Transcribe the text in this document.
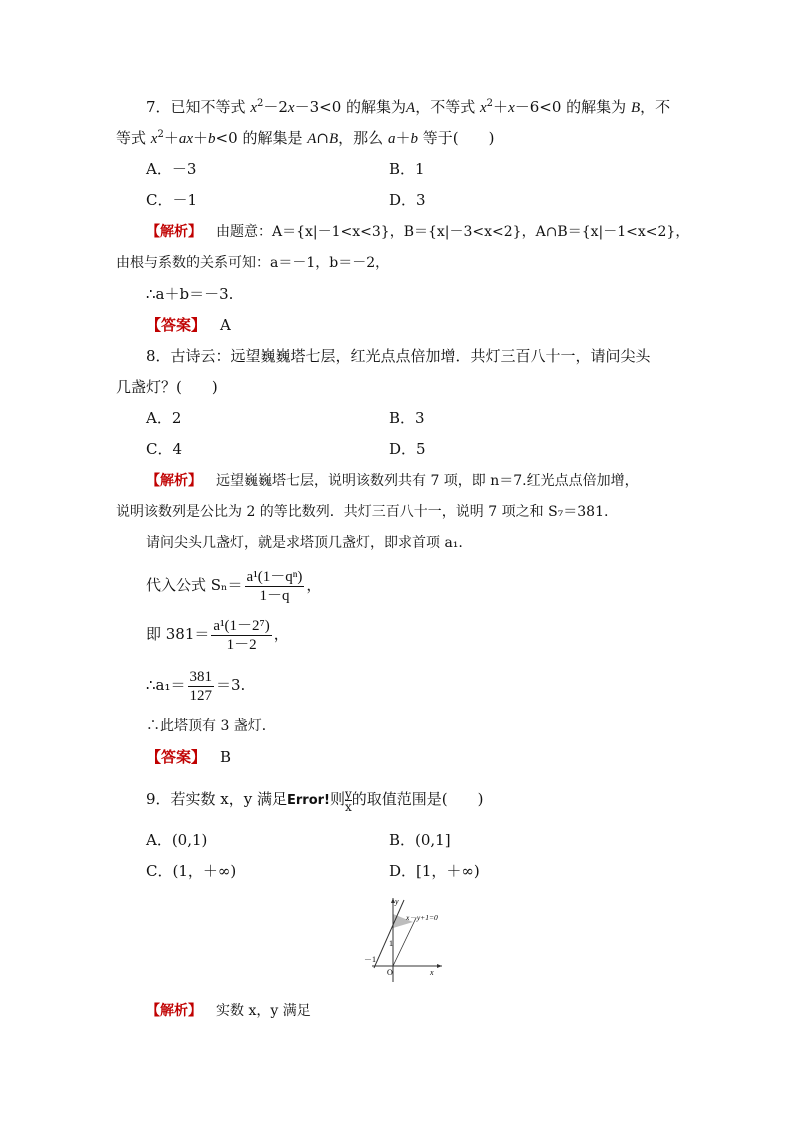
7．已知不等式 $x^2-2x-3<0$ 的解集为A，不等式 $x^2+x-6<0$ 的解集为 B，不
等式 $x^2+ax+b<0$ 的解集是 A∩B，那么 a＋b 等于(　　)
A．－3	B．1
C．－1	D．3
【解析】 由题意：A＝{x|－1<x<3}，B＝{x|－3<x<2}，A∩B＝{x|－1<x<2}，
由根与系数的关系可知：a＝－1，b＝－2，
∴a＋b＝－3.
【答案】 A
8．古诗云：远望巍巍塔七层，红光点点倍加增．共灯三百八十一，请问尖头
几盏灯？(　　)
A．2	B．3
C．4	D．5
【解析】 远望巍巍塔七层，说明该数列共有 7 项，即 n＝7.红光点点倍加增，
说明该数列是公比为 2 的等比数列．共灯三百八十一，说明 7 项之和 S₇＝381.
请问尖头几盏灯，就是求塔顶几盏灯，即求首项 a₁.
代入公式 $S_n= \frac{\text{a¹(1－qⁿ)}}{1-q}$ ，
即 $381= \frac{\text{a¹(1－2⁷)}}{1-2}$ ，
∴a₁＝ $\frac{381}{127} =3$.
∴此塔顶有 3 盏灯．
【答案】 B
9．若实数 x，y 满足Error!则 $\frac{y}{x}$ 的取值范围是(　　)
A．(0,1)	B．(0,1]
C．(1，＋∞)	D．[1，＋∞)
y
x
O
1
－1
x－y+1=0
【解析】 实数 x，y 满足
